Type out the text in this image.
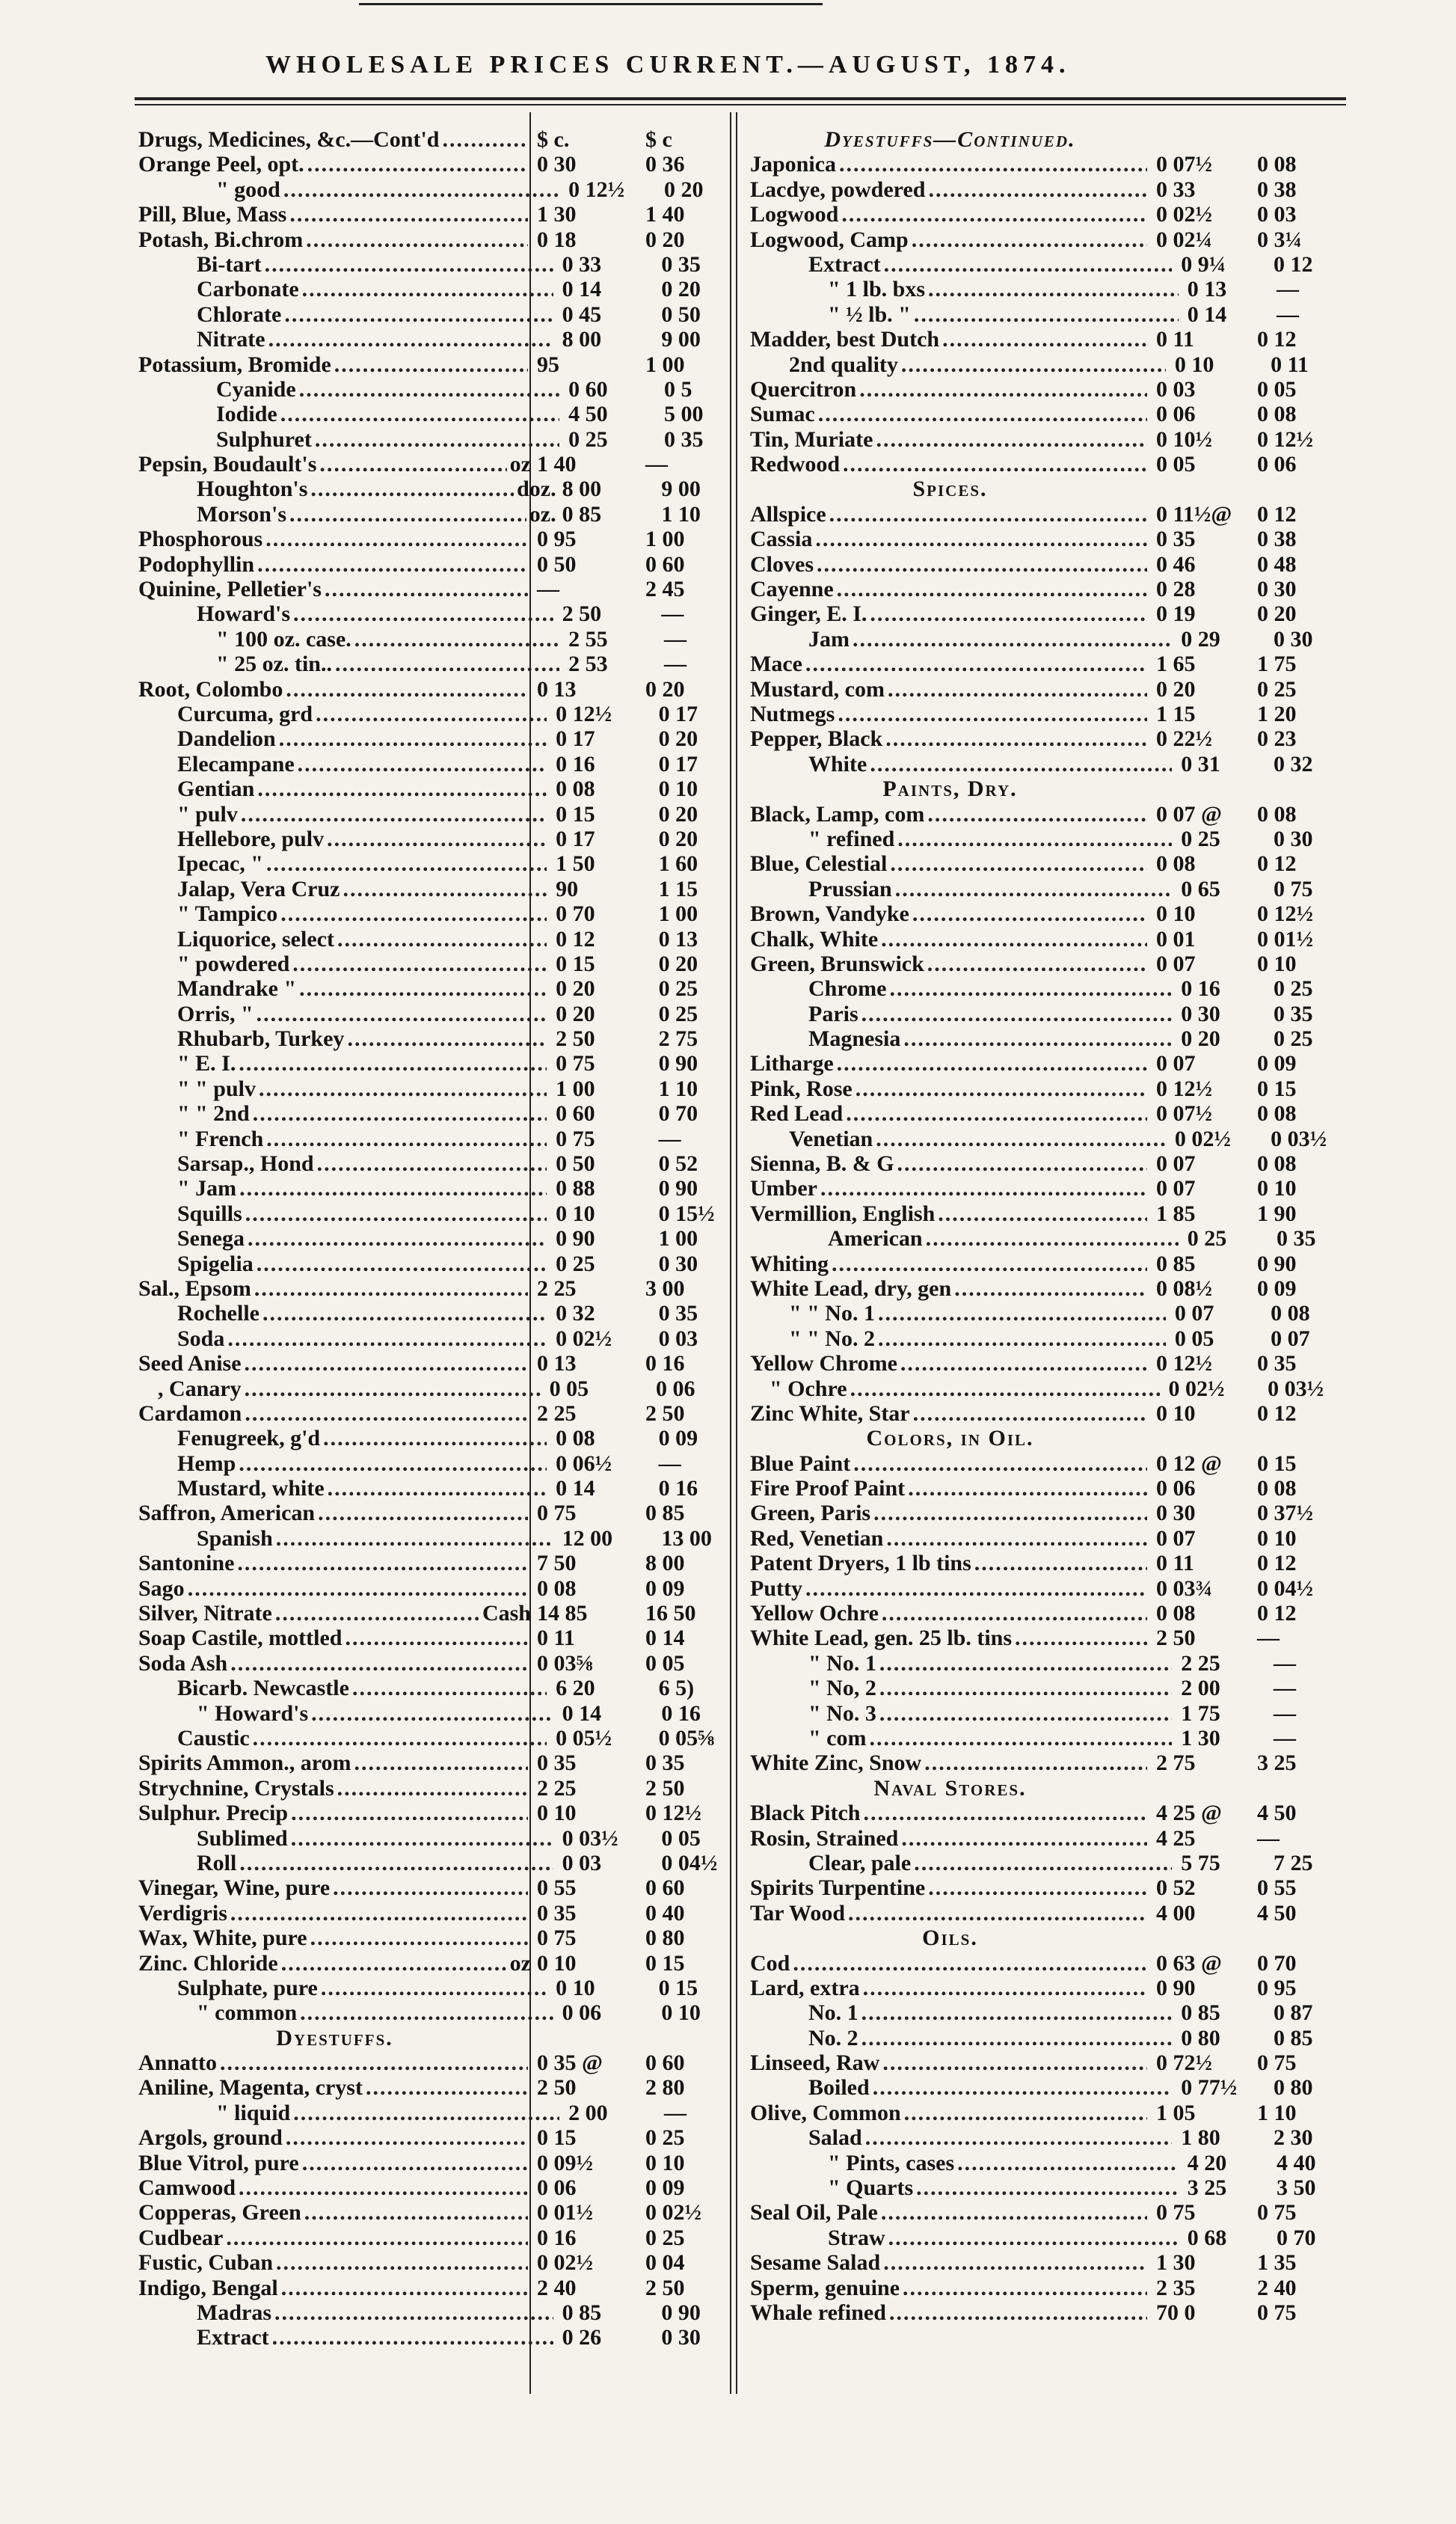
WHOLESALE PRICES CURRENT.—AUGUST, 1874.
Drugs, Medicines, &c.—Cont'd .....	$ c.	$ c
Orange Peel, opt. .....	0 30	0 36
" good .....	0 12½	0 20
Pill, Blue, Mass .....	1 30	1 40
Potash, Bi.chrom .....	0 18	0 20
Bi-tart .....	0 33	0 35
Carbonate .....	0 14	0 20
Chlorate .....	0 45	0 50
Nitrate .....	8 00	9 00
Potassium, Bromide .....	95	1 00
Cyanide .....	0 60	0 5
Iodide .....	4 50	5 00
Sulphuret .....	0 25	0 35
Pepsin, Boudault's .....	oz 1 40	—
Houghton's .....	doz. 8 00	9 00
Morson's .....	oz. 0 85	1 10
Phosphorous .....	0 95	1 00
Podophyllin .....	0 50	0 60
Quinine, Pelletier's .....	—	2 45
Howard's .....	2 50	—
" 100 oz. case. .....	2 55	—
" 25 oz. tin.. .....	2 53	—
Root, Colombo .....	0 13	0 20
Curcuma, grd .....	0 12½	0 17
Dandelion .....	0 17	0 20
Elecampane .....	0 16	0 17
Gentian .....	0 08	0 10
" pulv .....	0 15	0 20
Hellebore, pulv .....	0 17	0 20
Ipecac, " .....	1 50	1 60
Jalap, Vera Cruz .....	90	1 15
" Tampico .....	0 70	1 00
Liquorice, select .....	0 12	0 13
" powdered .....	0 15	0 20
Mandrake " .....	0 20	0 25
Orris, " .....	0 20	0 25
Rhubarb, Turkey .....	2 50	2 75
" E. I. .....	0 75	0 90
" " pulv .....	1 00	1 10
" " 2nd .....	0 60	0 70
" French .....	0 75	—
Sarsap., Hond .....	0 50	0 52
" Jam .....	0 88	0 90
Squills .....	0 10	0 15½
Senega .....	0 90	1 00
Spigelia .....	0 25	0 30
Sal., Epsom .....	2 25	3 00
Rochelle .....	0 32	0 35
Soda .....	0 02½	0 03
Seed Anise .....	0 13	0 16
, Canary .....	0 05	0 06
Cardamon .....	2 25	2 50
Fenugreek, g'd .....	0 08	0 09
Hemp .....	0 06½	—
Mustard, white .....	0 14	0 16
Saffron, American .....	0 75	0 85
Spanish .....	12 00	13 00
Santonine .....	7 50	8 00
Sago .....	0 08	0 09
Silver, Nitrate .....	Cash 14 85	16 50
Soap Castile, mottled .....	0 11	0 14
Soda Ash .....	0 03⅝	0 05
Bicarb. Newcastle .....	6 20	6 5)
" Howard's .....	0 14	0 16
Caustic .....	0 05½	0 05⅝
Spirits Ammon., arom .....	0 35	0 35
Strychnine, Crystals .....	2 25	2 50
Sulphur. Precip .....	0 10	0 12½
Sublimed .....	0 03½	0 05
Roll .....	0 03	0 04½
Vinegar, Wine, pure .....	0 55	0 60
Verdigris .....	0 35	0 40
Wax, White, pure .....	0 75	0 80
Zinc. Chloride .....	oz 0 10	0 15
Sulphate, pure .....	0 10	0 15
" common .....	0 06	0 10
Dyestuffs.
Annatto .....	0 35 @	0 60
Aniline, Magenta, cryst .....	2 50	2 80
" liquid .....	2 00	—
Argols, ground .....	0 15	0 25
Blue Vitrol, pure .....	0 09½	0 10
Camwood .....	0 06	0 09
Copperas, Green .....	0 01½	0 02½
Cudbear .....	0 16	0 25
Fustic, Cuban .....	0 02½	0 04
Indigo, Bengal .....	2 40	2 50
Madras .....	0 85	0 90
Extract .....	0 26	0 30
Dyestuffs—Continued.
Japonica .....	0 07½	0 08
Lacdye, powdered .....	0 33	0 38
Logwood .....	0 02½	0 03
Logwood, Camp .....	0 02¼	0 3¼
Extract .....	0 9¼	0 12
" 1 lb. bxs .....	0 13	—
" ½ lb. " .....	0 14	—
Madder, best Dutch .....	0 11	0 12
2nd quality .....	0 10	0 11
Quercitron .....	0 03	0 05
Sumac .....	0 06	0 08
Tin, Muriate .....	0 10½	0 12½
Redwood .....	0 05	0 06
Spices.
Allspice .....	0 11½@	0 12
Cassia .....	0 35	0 38
Cloves .....	0 46	0 48
Cayenne .....	0 28	0 30
Ginger, E. I. .....	0 19	0 20
Jam .....	0 29	0 30
Mace .....	1 65	1 75
Mustard, com .....	0 20	0 25
Nutmegs .....	1 15	1 20
Pepper, Black .....	0 22½	0 23
White .....	0 31	0 32
Paints, Dry.
Black, Lamp, com .....	0 07 @	0 08
" refined .....	0 25	0 30
Blue, Celestial .....	0 08	0 12
Prussian .....	0 65	0 75
Brown, Vandyke .....	0 10	0 12½
Chalk, White .....	0 01	0 01½
Green, Brunswick .....	0 07	0 10
Chrome .....	0 16	0 25
Paris .....	0 30	0 35
Magnesia .....	0 20	0 25
Litharge .....	0 07	0 09
Pink, Rose .....	0 12½	0 15
Red Lead .....	0 07½	0 08
Venetian .....	0 02½	0 03½
Sienna, B. & G .....	0 07	0 08
Umber .....	0 07	0 10
Vermillion, English .....	1 85	1 90
American .....	0 25	0 35
Whiting .....	0 85	0 90
White Lead, dry, gen .....	0 08½	0 09
" " No. 1 .....	0 07	0 08
" " No. 2 .....	0 05	0 07
Yellow Chrome .....	0 12½	0 35
" Ochre .....	0 02½	0 03½
Zinc White, Star .....	0 10	0 12
Colors, in Oil.
Blue Paint .....	0 12 @	0 15
Fire Proof Paint .....	0 06	0 08
Green, Paris .....	0 30	0 37½
Red, Venetian .....	0 07	0 10
Patent Dryers, 1 lb tins .....	0 11	0 12
Putty .....	0 03¾	0 04½
Yellow Ochre .....	0 08	0 12
White Lead, gen. 25 lb. tins .....	2 50	—
" No. 1 .....	2 25	—
" No, 2 .....	2 00	—
" No. 3 .....	1 75	—
" com .....	1 30	—
White Zinc, Snow .....	2 75	3 25
Naval Stores.
Black Pitch .....	4 25 @	4 50
Rosin, Strained .....	4 25	—
Clear, pale .....	5 75	7 25
Spirits Turpentine .....	0 52	0 55
Tar Wood .....	4 00	4 50
Oils.
Cod .....	0 63 @	0 70
Lard, extra .....	0 90	0 95
No. 1 .....	0 85	0 87
No. 2 .....	0 80	0 85
Linseed, Raw .....	0 72½	0 75
Boiled .....	0 77½	0 80
Olive, Common .....	1 05	1 10
Salad .....	1 80	2 30
" Pints, cases .....	4 20	4 40
" Quarts .....	3 25	3 50
Seal Oil, Pale .....	0 75	0 75
Straw .....	0 68	0 70
Sesame Salad .....	1 30	1 35
Sperm, genuine .....	2 35	2 40
Whale refined .....	70 0	0 75
